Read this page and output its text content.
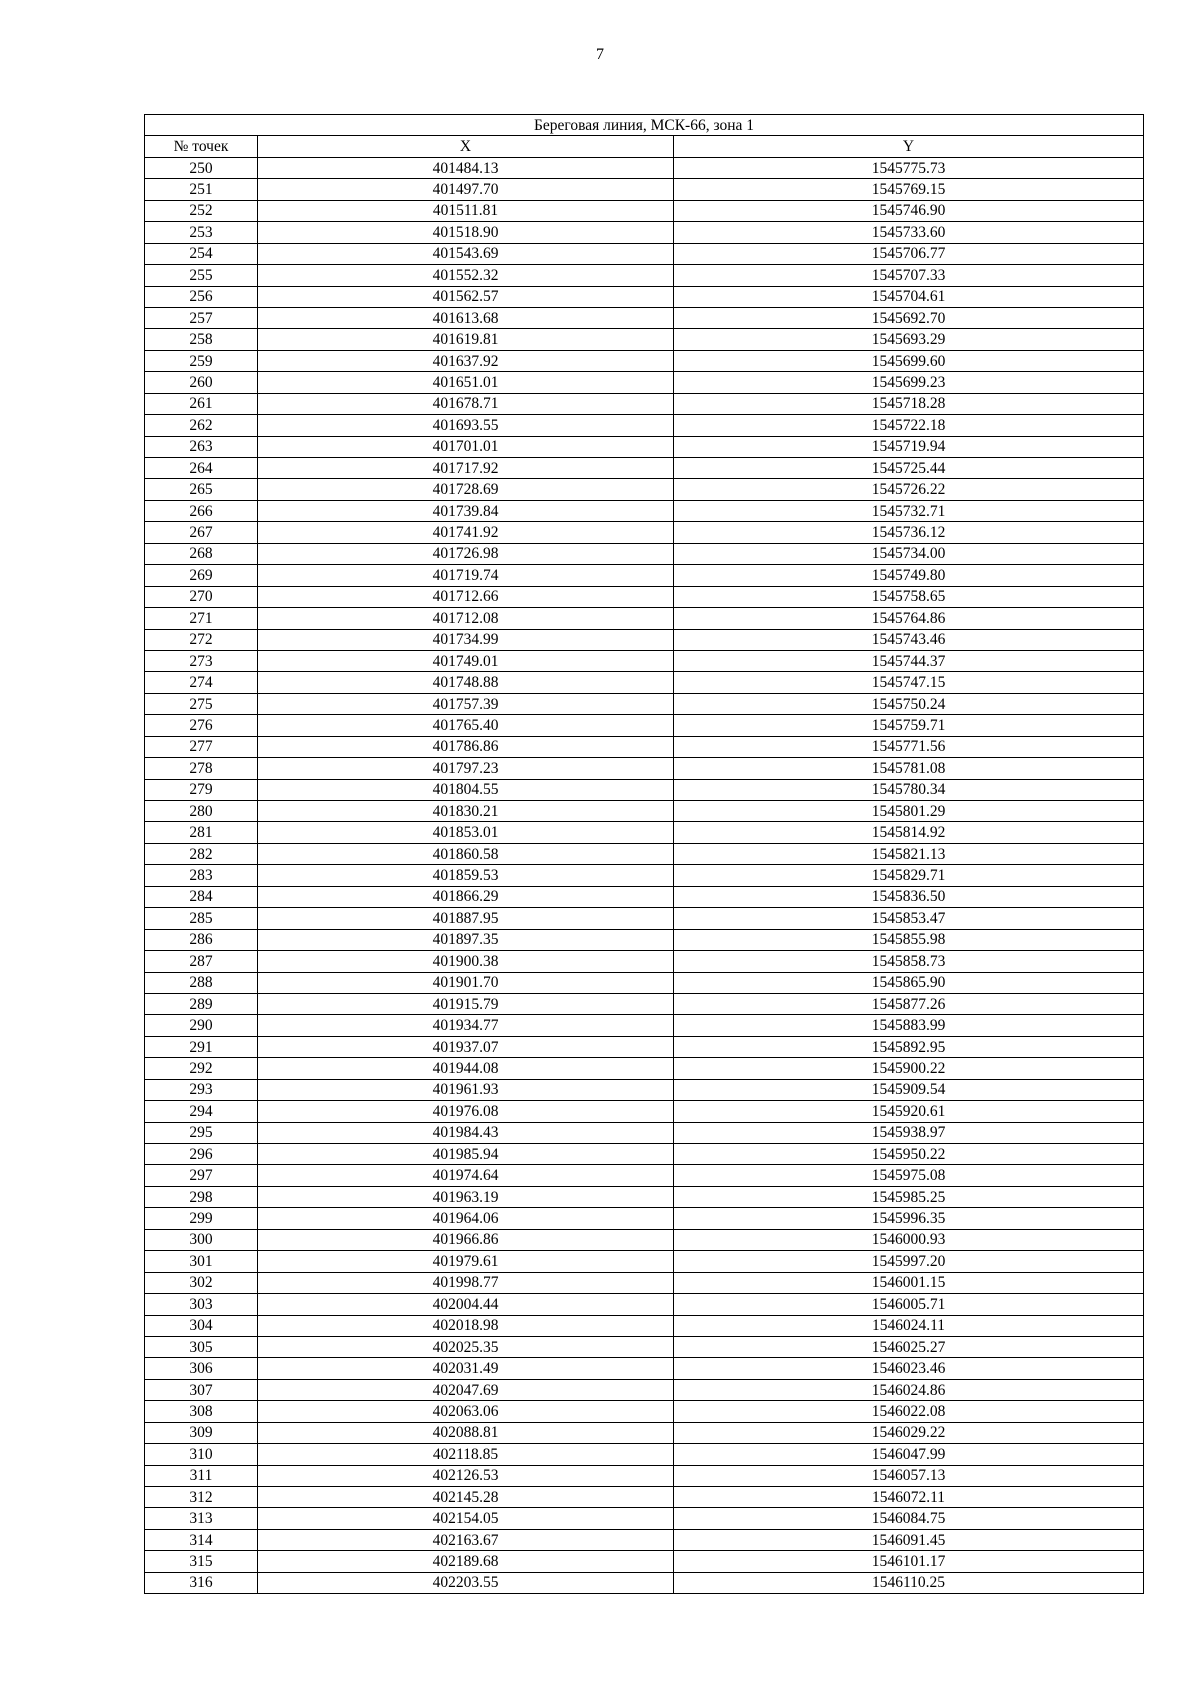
7
Береговая линия, МСК-66, зона 1		
№ точек	X	Y
250	401484.13	1545775.73
251	401497.70	1545769.15
252	401511.81	1545746.90
253	401518.90	1545733.60
254	401543.69	1545706.77
255	401552.32	1545707.33
256	401562.57	1545704.61
257	401613.68	1545692.70
258	401619.81	1545693.29
259	401637.92	1545699.60
260	401651.01	1545699.23
261	401678.71	1545718.28
262	401693.55	1545722.18
263	401701.01	1545719.94
264	401717.92	1545725.44
265	401728.69	1545726.22
266	401739.84	1545732.71
267	401741.92	1545736.12
268	401726.98	1545734.00
269	401719.74	1545749.80
270	401712.66	1545758.65
271	401712.08	1545764.86
272	401734.99	1545743.46
273	401749.01	1545744.37
274	401748.88	1545747.15
275	401757.39	1545750.24
276	401765.40	1545759.71
277	401786.86	1545771.56
278	401797.23	1545781.08
279	401804.55	1545780.34
280	401830.21	1545801.29
281	401853.01	1545814.92
282	401860.58	1545821.13
283	401859.53	1545829.71
284	401866.29	1545836.50
285	401887.95	1545853.47
286	401897.35	1545855.98
287	401900.38	1545858.73
288	401901.70	1545865.90
289	401915.79	1545877.26
290	401934.77	1545883.99
291	401937.07	1545892.95
292	401944.08	1545900.22
293	401961.93	1545909.54
294	401976.08	1545920.61
295	401984.43	1545938.97
296	401985.94	1545950.22
297	401974.64	1545975.08
298	401963.19	1545985.25
299	401964.06	1545996.35
300	401966.86	1546000.93
301	401979.61	1545997.20
302	401998.77	1546001.15
303	402004.44	1546005.71
304	402018.98	1546024.11
305	402025.35	1546025.27
306	402031.49	1546023.46
307	402047.69	1546024.86
308	402063.06	1546022.08
309	402088.81	1546029.22
310	402118.85	1546047.99
311	402126.53	1546057.13
312	402145.28	1546072.11
313	402154.05	1546084.75
314	402163.67	1546091.45
315	402189.68	1546101.17
316	402203.55	1546110.25
